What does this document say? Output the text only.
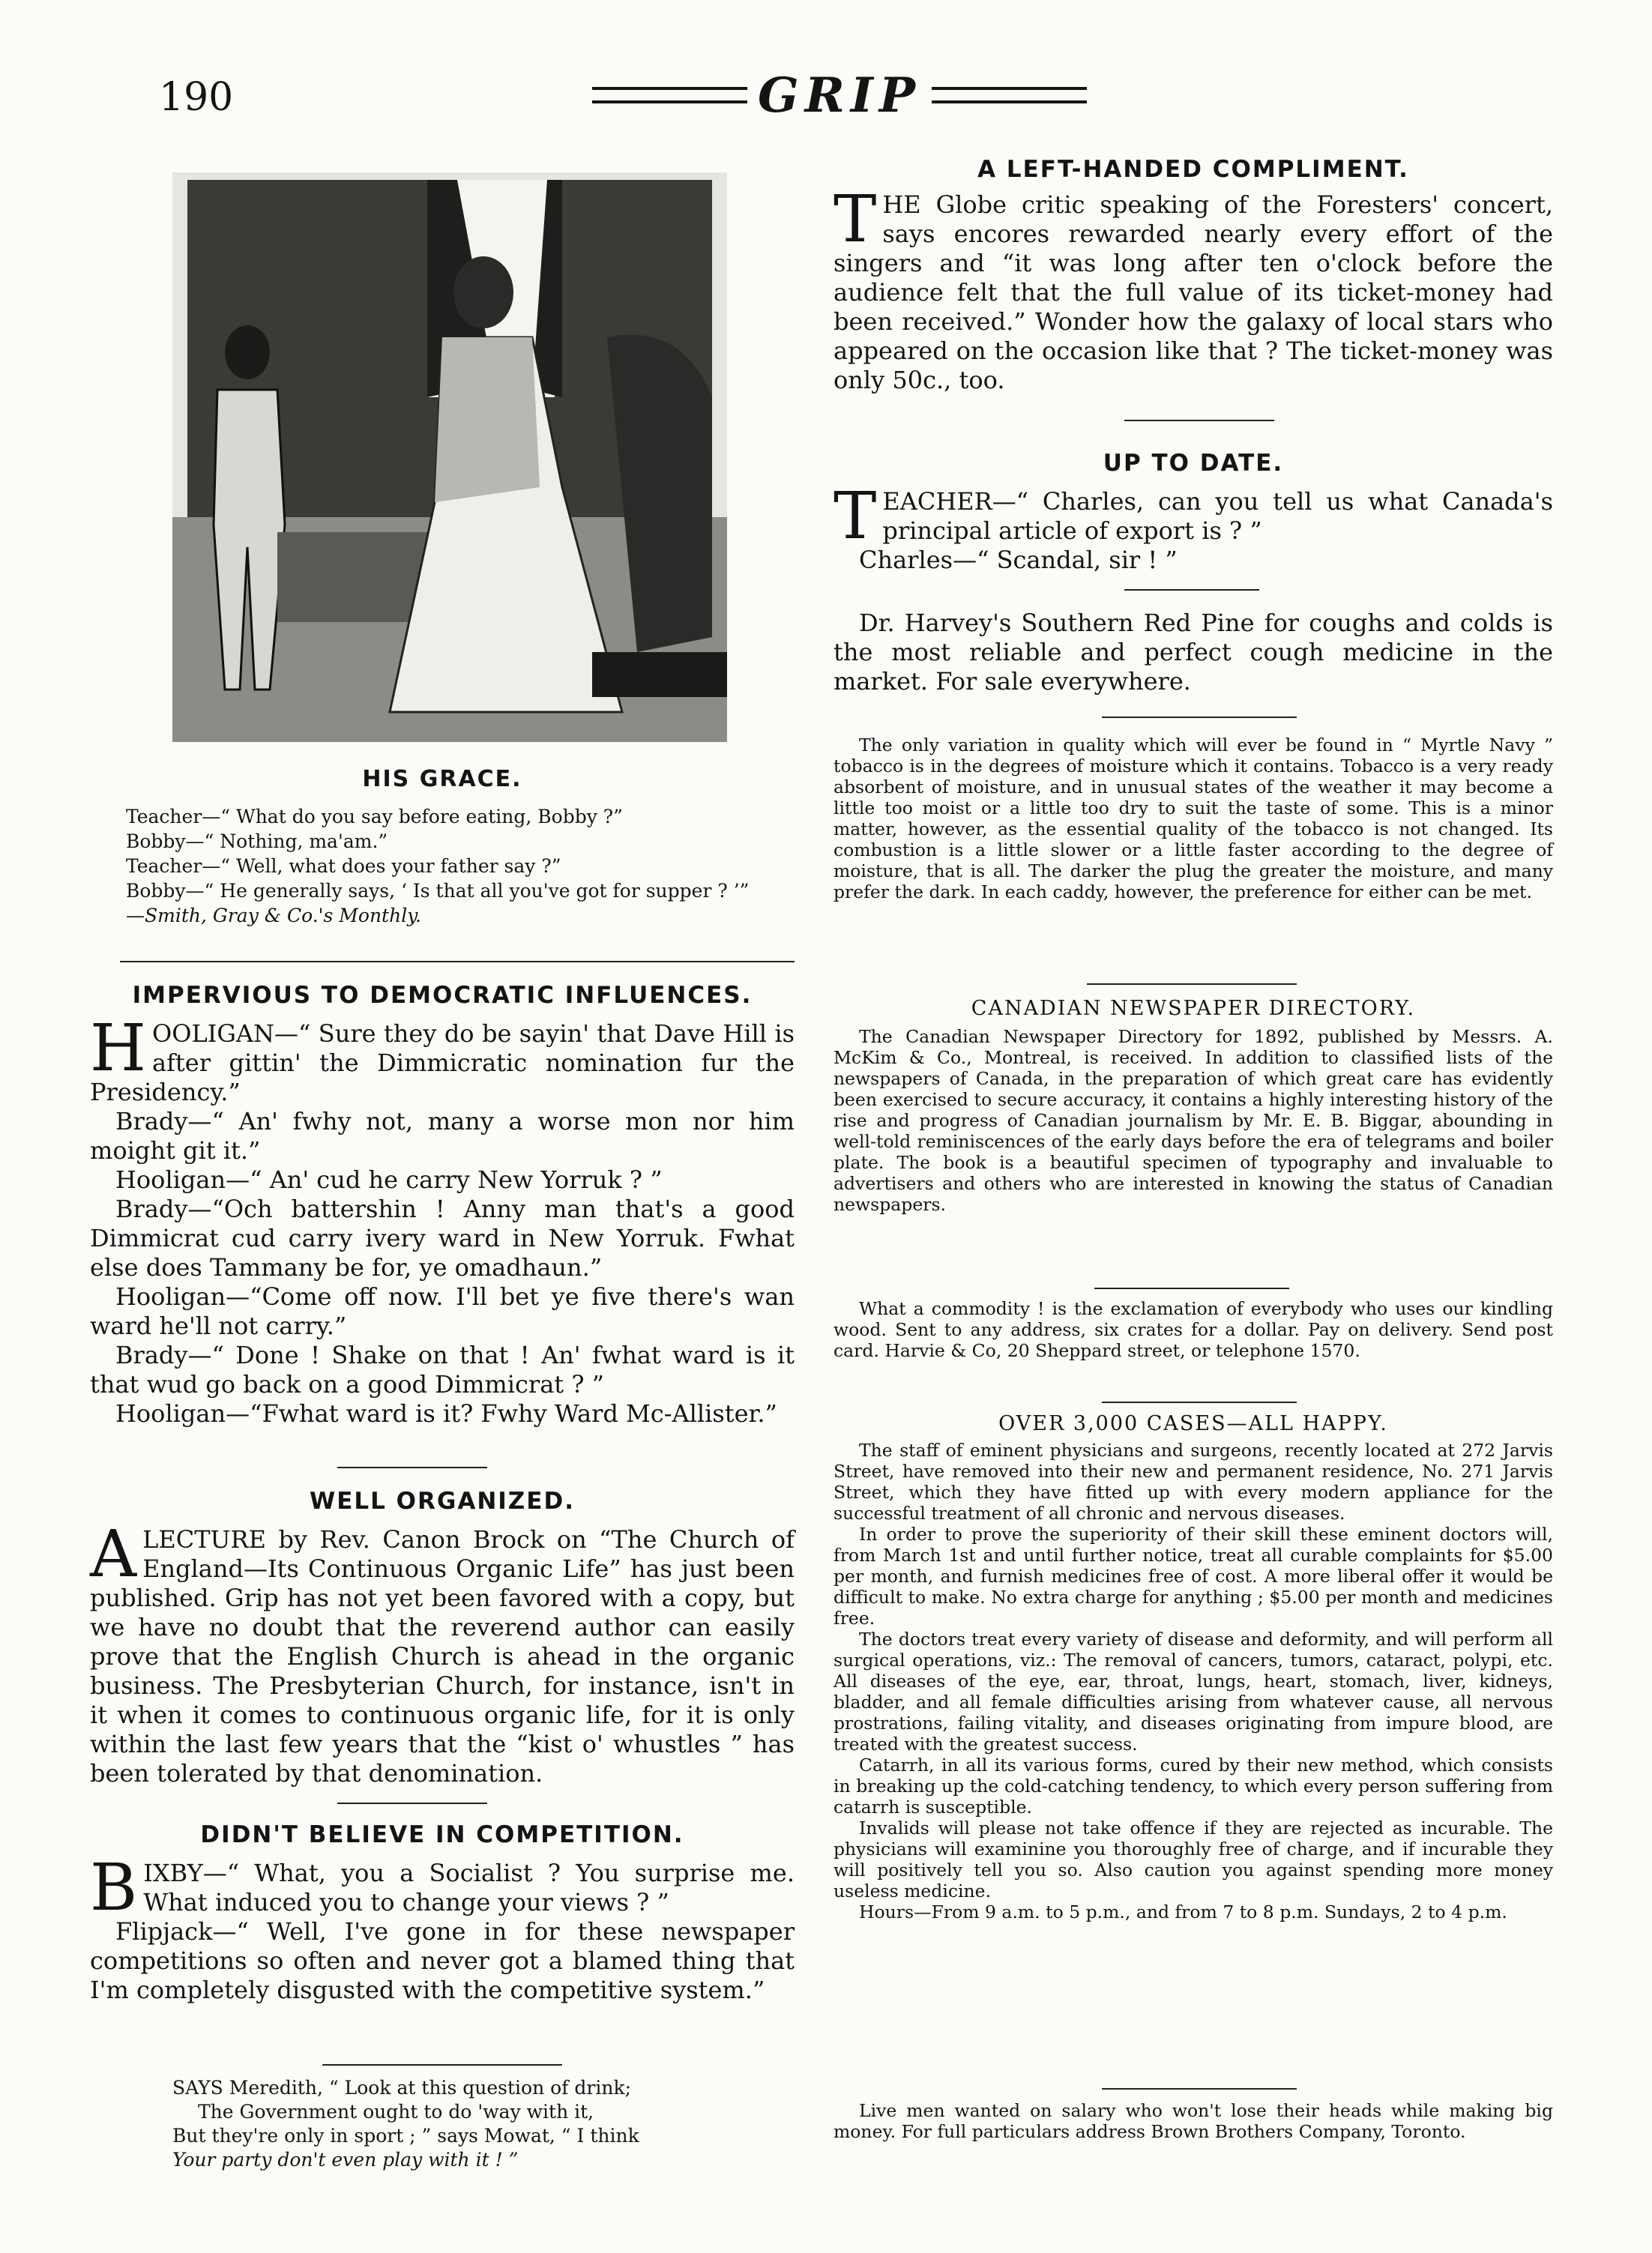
190	GRIP
HIS GRACE.

Teacher—“ What do you say before eating, Bobby ?”

Bobby—“ Nothing, ma'am.”

Teacher—“ Well, what does your father say ?”

Bobby—“ He generally says, ‘ Is that all you've got for supper ? ’”

—Smith, Gray & Co.'s Monthly.

IMPERVIOUS TO DEMOCRATIC INFLUENCES.

HOOLIGAN—“ Sure they do be sayin' that Dave Hill is after gittin' the Dimmicratic nomination fur the Presidency.”

Brady—“ An' fwhy not, many a worse mon nor him moight git it.”

Hooligan—“ An' cud he carry New Yorruk ? ”

Brady—“Och battershin ! Anny man that's a good Dimmicrat cud carry ivery ward in New Yorruk. Fwhat else does Tammany be for, ye omadhaun.”

Hooligan—“Come off now. I'll bet ye five there's wan ward he'll not carry.”

Brady—“ Done ! Shake on that ! An' fwhat ward is it that wud go back on a good Dimmicrat ? ”

Hooligan—“Fwhat ward is it? Fwhy Ward Mc-Allister.”

WELL ORGANIZED.

ALECTURE by Rev. Canon Brock on “The Church of England—Its Continuous Organic Life” has just been published. Grip has not yet been favored with a copy, but we have no doubt that the reverend author can easily prove that the English Church is ahead in the organic business. The Presbyterian Church, for instance, isn't in it when it comes to continuous organic life, for it is only within the last few years that the “kist o' whustles ” has been tolerated by that denomination.

DIDN'T BELIEVE IN COMPETITION.

BIXBY—“ What, you a Socialist ? You surprise me. What induced you to change your views ? ”

Flipjack—“ Well, I've gone in for these newspaper competitions so often and never got a blamed thing that I'm completely disgusted with the competitive system.”

SAYS Meredith, “ Look at this question of drink;

The Government ought to do 'way with it,

But they're only in sport ; ” says Mowat, “ I think

Your party don't even play with it ! ”

A LEFT-HANDED COMPLIMENT.

THE Globe critic speaking of the Foresters' concert, says encores rewarded nearly every effort of the singers and “it was long after ten o'clock before the audience felt that the full value of its ticket-money had been received.” Wonder how the galaxy of local stars who appeared on the occasion like that ? The ticket-money was only 50c., too.

UP TO DATE.

TEACHER—“ Charles, can you tell us what Canada's principal article of export is ? ”

Charles—“ Scandal, sir ! ”

Dr. Harvey's Southern Red Pine for coughs and colds is the most reliable and perfect cough medicine in the market. For sale everywhere.

The only variation in quality which will ever be found in “ Myrtle Navy ” tobacco is in the degrees of moisture which it contains. Tobacco is a very ready absorbent of moisture, and in unusual states of the weather it may become a little too moist or a little too dry to suit the taste of some. This is a minor matter, however, as the essential quality of the tobacco is not changed. Its combustion is a little slower or a little faster according to the degree of moisture, that is all. The darker the plug the greater the moisture, and many prefer the dark. In each caddy, however, the preference for either can be met.

CANADIAN NEWSPAPER DIRECTORY.

The Canadian Newspaper Directory for 1892, published by Messrs. A. McKim & Co., Montreal, is received. In addition to classified lists of the newspapers of Canada, in the preparation of which great care has evidently been exercised to secure accuracy, it contains a highly interesting history of the rise and progress of Canadian journalism by Mr. E. B. Biggar, abounding in well-told reminiscences of the early days before the era of telegrams and boiler plate. The book is a beautiful specimen of typography and invaluable to advertisers and others who are interested in knowing the status of Canadian newspapers.

What a commodity ! is the exclamation of everybody who uses our kindling wood. Sent to any address, six crates for a dollar. Pay on delivery. Send post card. Harvie & Co, 20 Sheppard street, or telephone 1570.

OVER 3,000 CASES—ALL HAPPY.

The staff of eminent physicians and surgeons, recently located at 272 Jarvis Street, have removed into their new and permanent residence, No. 271 Jarvis Street, which they have fitted up with every modern appliance for the successful treatment of all chronic and nervous diseases.

In order to prove the superiority of their skill these eminent doctors will, from March 1st and until further notice, treat all curable complaints for $5.00 per month, and furnish medicines free of cost. A more liberal offer it would be difficult to make. No extra charge for anything ; $5.00 per month and medicines free.

The doctors treat every variety of disease and deformity, and will perform all surgical operations, viz.: The removal of cancers, tumors, cataract, polypi, etc. All diseases of the eye, ear, throat, lungs, heart, stomach, liver, kidneys, bladder, and all female difficulties arising from whatever cause, all nervous prostrations, failing vitality, and diseases originating from impure blood, are treated with the greatest success.

Catarrh, in all its various forms, cured by their new method, which consists in breaking up the cold-catching tendency, to which every person suffering from catarrh is susceptible.

Invalids will please not take offence if they are rejected as incurable. The physicians will examinine you thoroughly free of charge, and if incurable they will positively tell you so. Also caution you against spending more money useless medicine.

Hours—From 9 a.m. to 5 p.m., and from 7 to 8 p.m. Sundays, 2 to 4 p.m.

Live men wanted on salary who won't lose their heads while making big money. For full particulars address Brown Brothers Company, Toronto.
